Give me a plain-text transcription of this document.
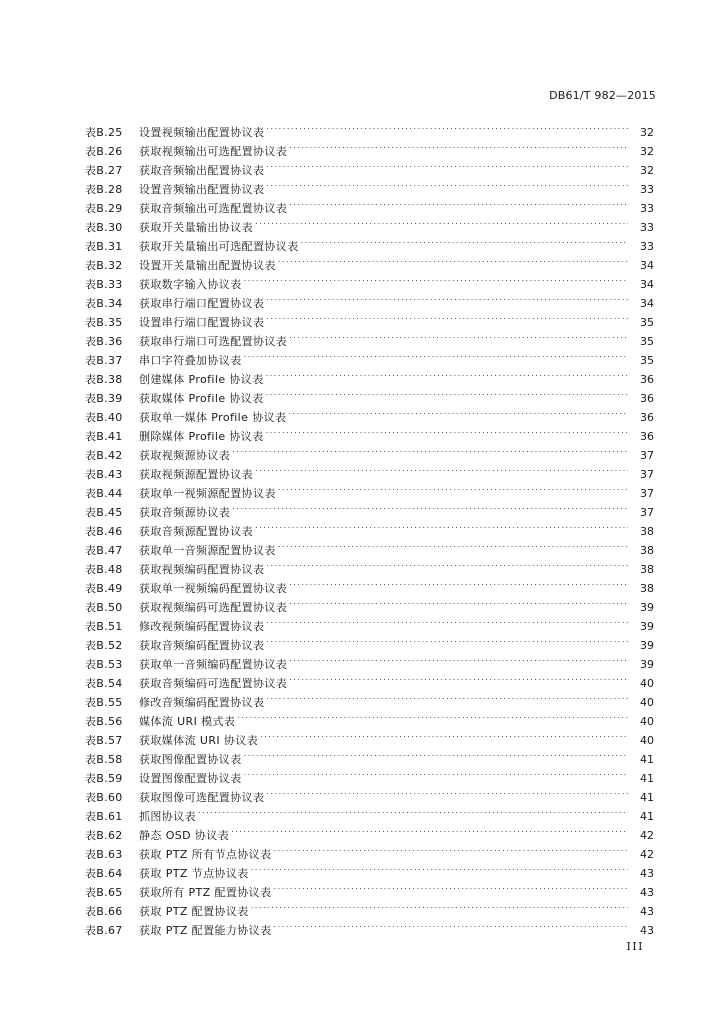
DB61/T 982—2015
表B.25	设置视频输出配置协议表 . . .	32
表B.26	获取视频输出可选配置协议表 . . .	32
表B.27	获取音频输出配置协议表 . . .	32
表B.28	设置音频输出配置协议表 . . .	33
表B.29	获取音频输出可选配置协议表 . . .	33
表B.30	获取开关量输出协议表 . . .	33
表B.31	获取开关量输出可选配置协议表 . . .	33
表B.32	设置开关量输出配置协议表 . . .	34
表B.33	获取数字输入协议表 . . .	34
表B.34	获取串行端口配置协议表 . . .	34
表B.35	设置串行端口配置协议表 . . .	35
表B.36	获取串行端口可选配置协议表 . . .	35
表B.37	串口字符叠加协议表 . . .	35
表B.38	创建媒体 Profile 协议表 . . .	36
表B.39	获取媒体 Profile 协议表 . . .	36
表B.40	获取单一媒体 Profile 协议表 . . .	36
表B.41	删除媒体 Profile 协议表 . . .	36
表B.42	获取视频源协议表 . . .	37
表B.43	获取视频源配置协议表 . . .	37
表B.44	获取单一视频源配置协议表 . . .	37
表B.45	获取音频源协议表 . . .	37
表B.46	获取音频源配置协议表 . . .	38
表B.47	获取单一音频源配置协议表 . . .	38
表B.48	获取视频编码配置协议表 . . .	38
表B.49	获取单一视频编码配置协议表 . . .	38
表B.50	获取视频编码可选配置协议表 . . .	39
表B.51	修改视频编码配置协议表 . . .	39
表B.52	获取音频编码配置协议表 . . .	39
表B.53	获取单一音频编码配置协议表 . . .	39
表B.54	获取音频编码可选配置协议表 . . .	40
表B.55	修改音频编码配置协议表 . . .	40
表B.56	媒体流 URI 模式表 . . .	40
表B.57	获取媒体流 URI 协议表 . . .	40
表B.58	获取图像配置协议表 . . .	41
表B.59	设置图像配置协议表 . . .	41
表B.60	获取图像可选配置协议表 . . .	41
表B.61	抓图协议表 . . .	41
表B.62	静态 OSD 协议表 . . .	42
表B.63	获取 PTZ 所有节点协议表 . . .	42
表B.64	获取 PTZ 节点协议表 . . .	43
表B.65	获取所有 PTZ 配置协议表 . . .	43
表B.66	获取 PTZ 配置协议表 . . .	43
表B.67	获取 PTZ 配置能力协议表 . . .	43
III
